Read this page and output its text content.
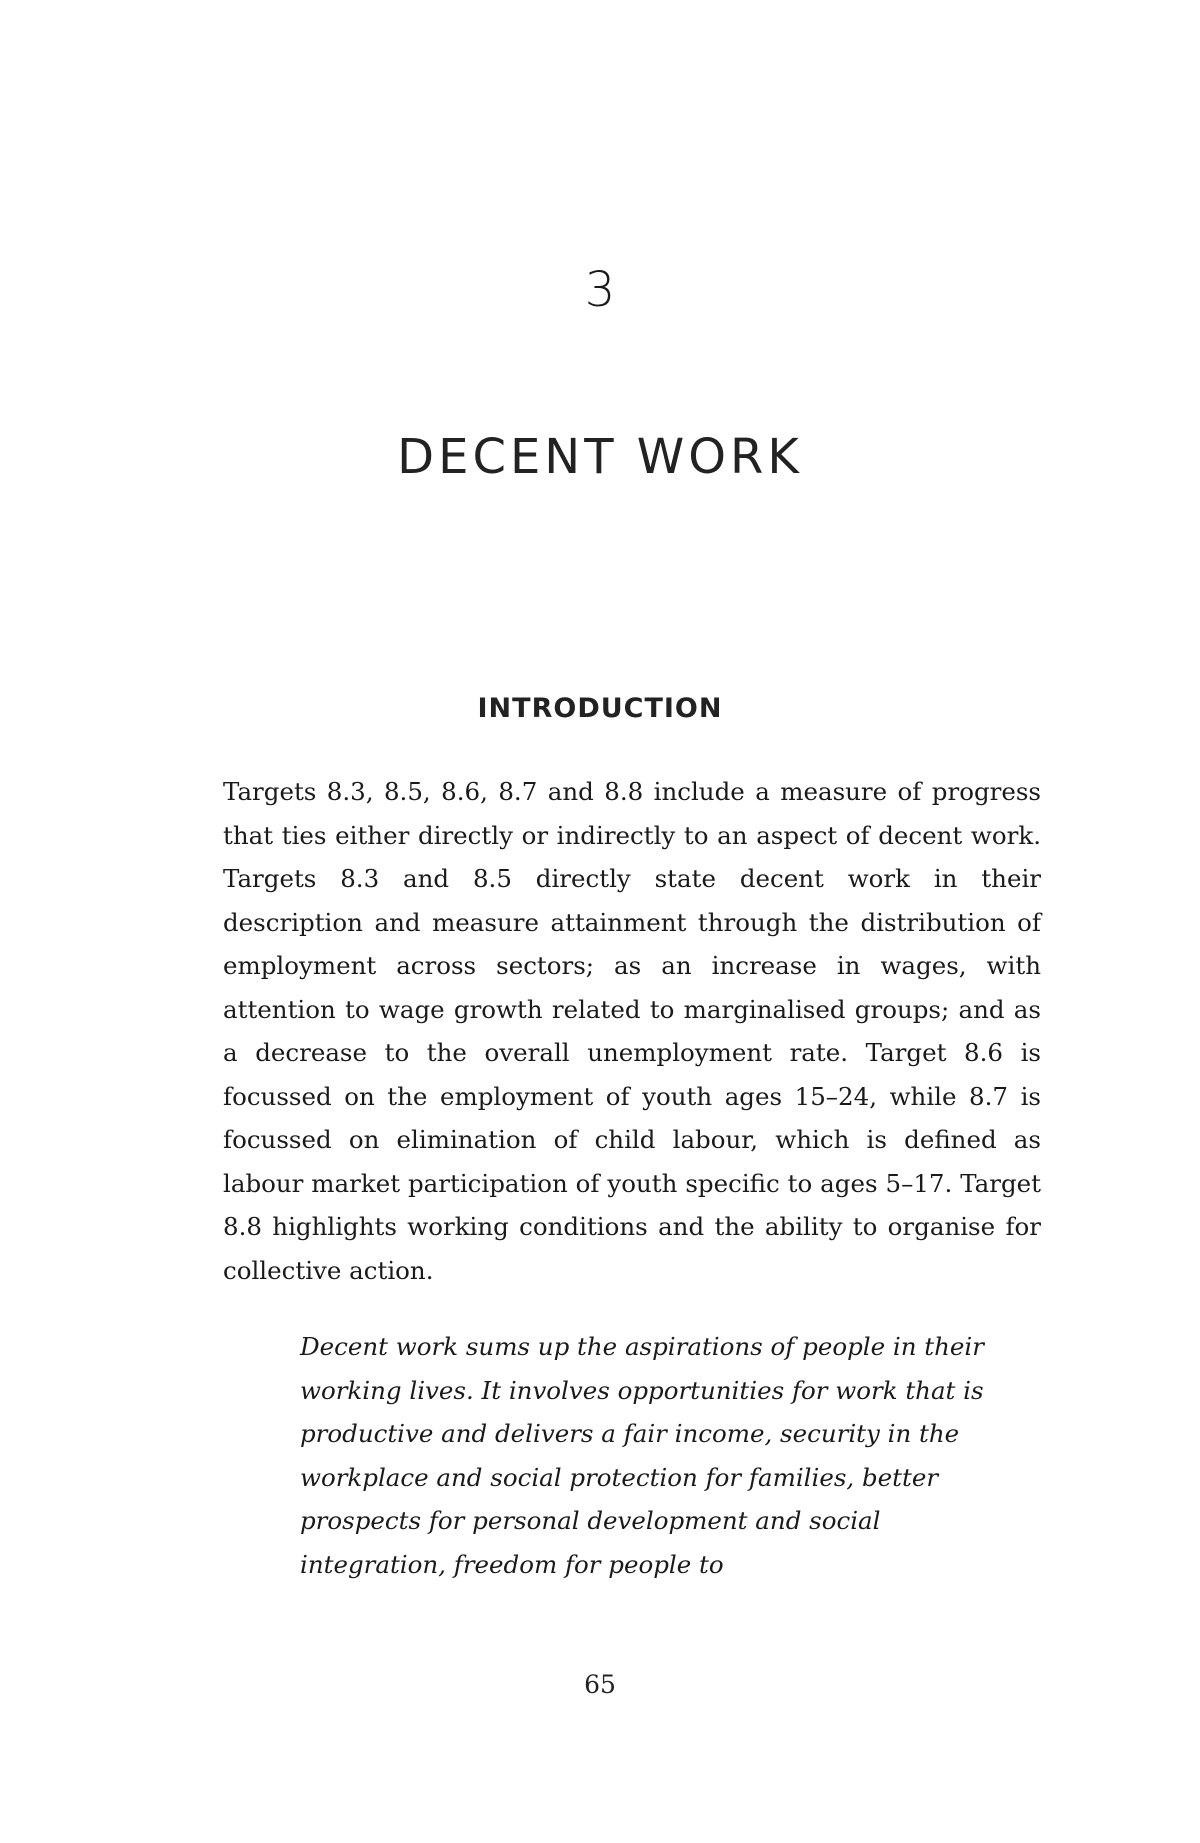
3
DECENT WORK
INTRODUCTION

Targets 8.3, 8.5, 8.6, 8.7 and 8.8 include a measure of progress that ties either directly or indirectly to an aspect of decent work. Targets 8.3 and 8.5 directly state decent work in their description and measure attainment through the distribution of employment across sectors; as an increase in wages, with attention to wage growth related to marginalised groups; and as a decrease to the overall unemployment rate. Target 8.6 is focussed on the employment of youth ages 15–24, while 8.7 is focussed on elimination of child labour, which is defined as labour market participation of youth specific to ages 5–17. Target 8.8 highlights working conditions and the ability to organise for collective action.

Decent work sums up the aspirations of people in their working lives. It involves opportunities for work that is productive and delivers a fair income, security in the workplace and social protection for families, better prospects for personal development and social integration, freedom for people to

65
